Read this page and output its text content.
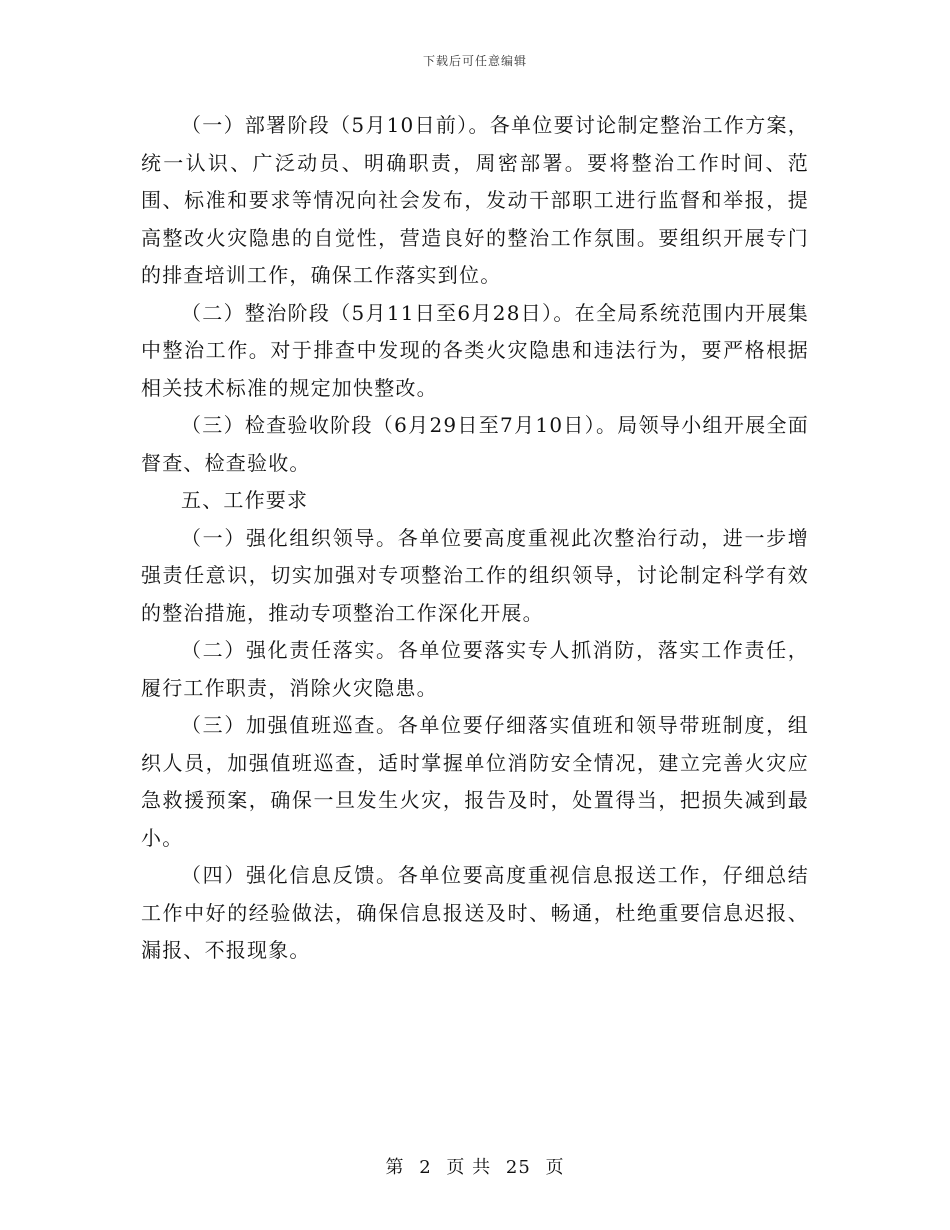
下载后可任意编辑

（一）部署阶段（5月10日前）。各单位要讨论制定整治工作方案，统一认识、广泛动员、明确职责，周密部署。要将整治工作时间、范围、标准和要求等情况向社会发布，发动干部职工进行监督和举报，提高整改火灾隐患的自觉性，营造良好的整治工作氛围。要组织开展专门的排查培训工作，确保工作落实到位。

（二）整治阶段（5月11日至6月28日）。在全局系统范围内开展集中整治工作。对于排查中发现的各类火灾隐患和违法行为，要严格根据相关技术标准的规定加快整改。

（三）检查验收阶段（6月29日至7月10日）。局领导小组开展全面督查、检查验收。

五、工作要求

（一）强化组织领导。各单位要高度重视此次整治行动，进一步增强责任意识，切实加强对专项整治工作的组织领导，讨论制定科学有效的整治措施，推动专项整治工作深化开展。

（二）强化责任落实。各单位要落实专人抓消防，落实工作责任，履行工作职责，消除火灾隐患。

（三）加强值班巡查。各单位要仔细落实值班和领导带班制度，组织人员，加强值班巡查，适时掌握单位消防安全情况，建立完善火灾应急救援预案，确保一旦发生火灾，报告及时，处置得当，把损失减到最小。

（四）强化信息反馈。各单位要高度重视信息报送工作，仔细总结工作中好的经验做法，确保信息报送及时、畅通，杜绝重要信息迟报、漏报、不报现象。

第 2 页 共 25 页
